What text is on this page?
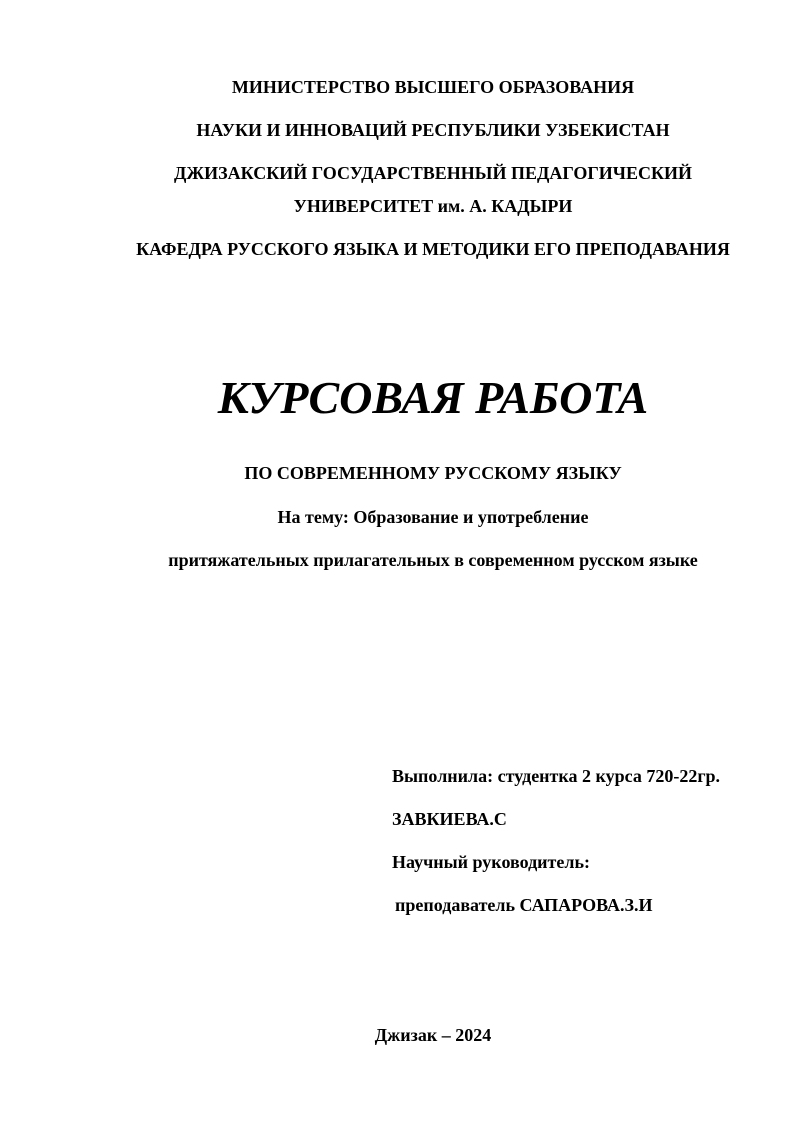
МИНИСТЕРСТВО ВЫСШЕГО ОБРАЗОВАНИЯ
НАУКИ И ИННОВАЦИЙ РЕСПУБЛИКИ УЗБЕКИСТАН
ДЖИЗАКСКИЙ ГОСУДАРСТВЕННЫЙ ПЕДАГОГИЧЕСКИЙ
УНИВЕРСИТЕТ им. А. КАДЫРИ
КАФЕДРА РУССКОГО ЯЗЫКА И МЕТОДИКИ ЕГО ПРЕПОДАВАНИЯ
КУРСОВАЯ РАБОТА
ПО СОВРЕМЕННОМУ РУССКОМУ ЯЗЫКУ
На тему: Образование и употребление
притяжательных прилагательных в современном русском языке
Выполнила: студентка 2 курса 720-22гр.
ЗАВКИЕВА.С
Научный руководитель:
преподаватель САПАРОВА.З.И
Джизак – 2024
